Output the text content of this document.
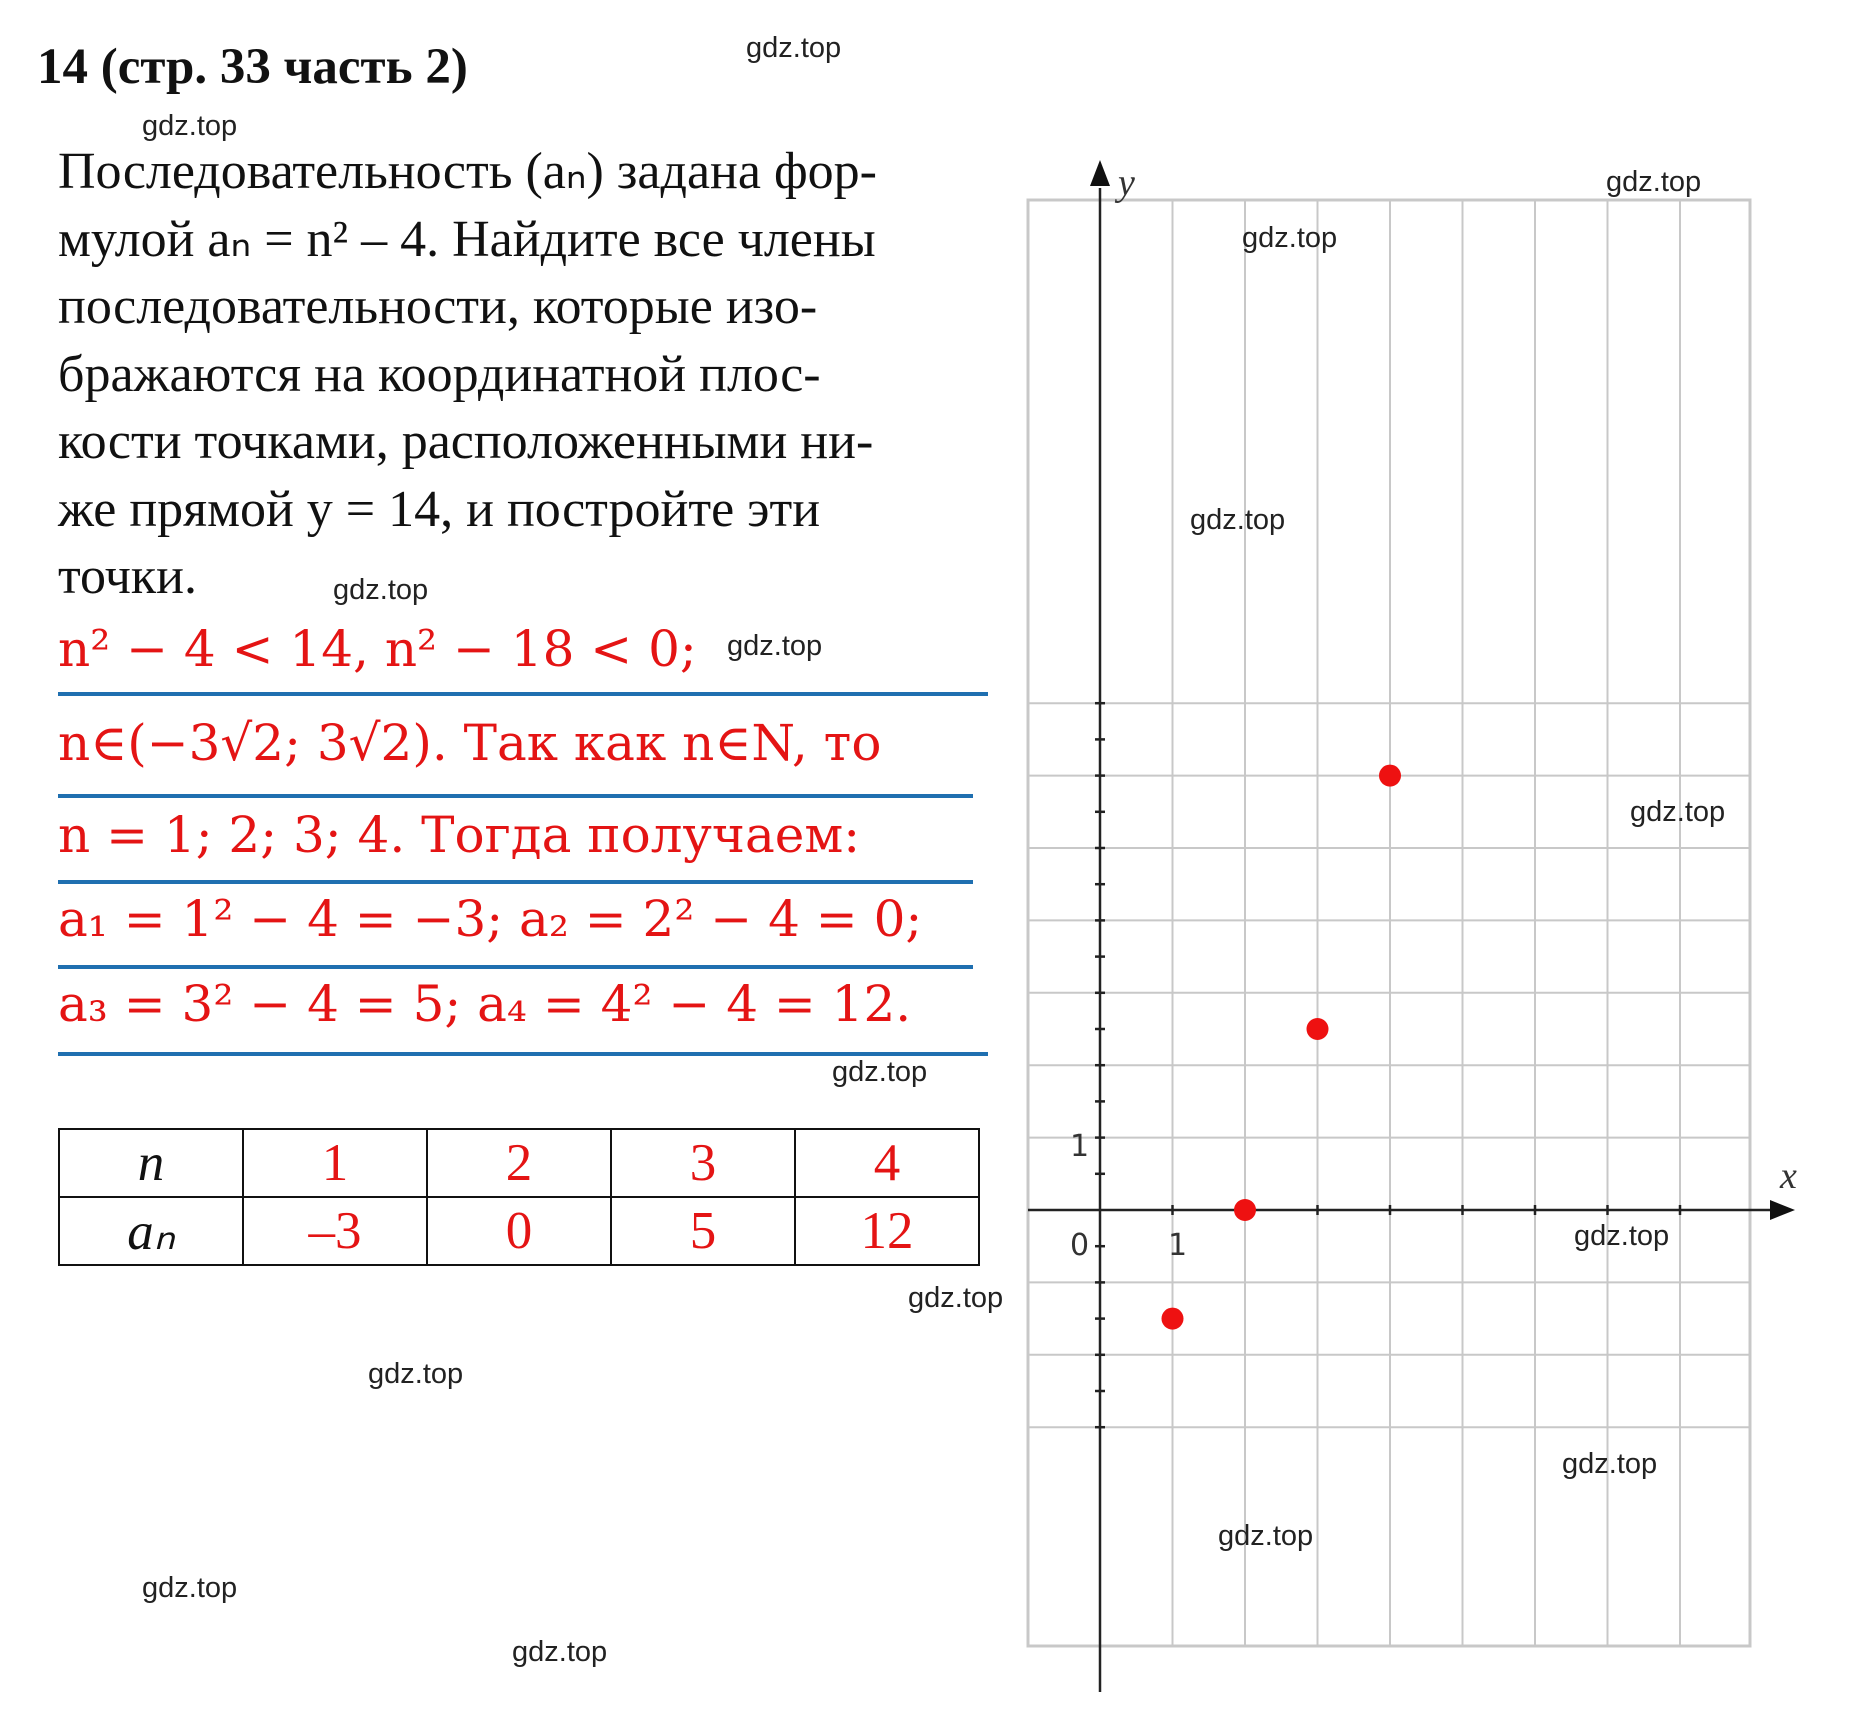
14 (стр. 33 часть 2)
Последовательность (aₙ) задана фор-
мулой aₙ = n² – 4. Найдите все члены
последовательности, которые изо-
бражаются на координатной плос-
кости точками, расположенными ни-
же прямой y = 14, и постройте эти
точки.
n² − 4 < 14, n² − 18 < 0;
n∈(−3√2; 3√2). Так как n∈N, то
n = 1; 2; 3; 4. Тогда получаем:
a₁ = 1² − 4 = −3; a₂ = 2² − 4 = 0;
a₃ = 3² − 4 = 5; a₄ = 4² − 4 = 12.
n	1	2	3	4
aₙ	–3	0	5	12
x
y
0	1
1
gdz.top
gdz.top
gdz.top
gdz.top
gdz.top
gdz.top
gdz.top
gdz.top
gdz.top
gdz.top
gdz.top
gdz.top
gdz.top
gdz.top
gdz.top
gdz.top
